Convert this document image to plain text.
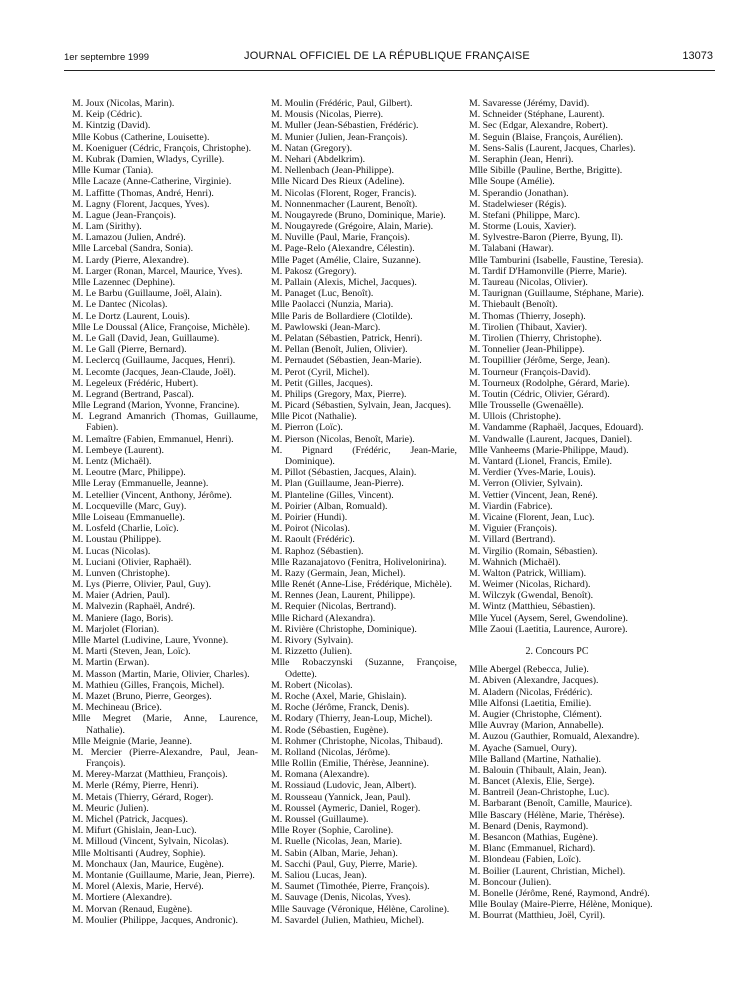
1er septembre 1999	JOURNAL OFFICIEL DE LA RÉPUBLIQUE FRANÇAISE	13073
M. Joux (Nicolas, Marin).
M. Keip (Cédric).
M. Kintzig (David).
Mlle Kobus (Catherine, Louisette).
M. Koeniguer (Cédric, François, Christophe).
M. Kubrak (Damien, Wladys, Cyrille).
Mlle Kumar (Tania).
Mlle Lacaze (Anne-Catherine, Virginie).
M. Laffitte (Thomas, André, Henri).
M. Lagny (Florent, Jacques, Yves).
M. Lague (Jean-François).
M. Lam (Sirithy).
M. Lamazou (Julien, André).
Mlle Larcebal (Sandra, Sonia).
M. Lardy (Pierre, Alexandre).
M. Larger (Ronan, Marcel, Maurice, Yves).
Mlle Lazennec (Dephine).
M. Le Barbu (Guillaume, Joël, Alain).
M. Le Dantec (Nicolas).
M. Le Dortz (Laurent, Louis).
Mlle Le Doussal (Alice, Françoise, Michèle).
M. Le Gall (David, Jean, Guillaume).
M. Le Gall (Pierre, Bernard).
M. Leclercq (Guillaume, Jacques, Henri).
M. Lecomte (Jacques, Jean-Claude, Joël).
M. Legeleux (Frédéric, Hubert).
M. Legrand (Bertrand, Pascal).
Mlle Legrand (Marion, Yvonne, Francine).
M. Legrand Amanrich (Thomas, Guillaume, Fabien).
M. Lemaître (Fabien, Emmanuel, Henri).
M. Lembeye (Laurent).
M. Lentz (Michaël).
M. Leoutre (Marc, Philippe).
Mlle Leray (Emmanuelle, Jeanne).
M. Letellier (Vincent, Anthony, Jérôme).
M. Locqueville (Marc, Guy).
Mlle Loiseau (Emmanuelle).
M. Losfeld (Charlie, Loïc).
M. Loustau (Philippe).
M. Lucas (Nicolas).
M. Luciani (Olivier, Raphaël).
M. Lunven (Christophe).
M. Lys (Pierre, Olivier, Paul, Guy).
M. Maier (Adrien, Paul).
M. Malvezin (Raphaël, André).
M. Maniere (Iago, Boris).
M. Marjolet (Florian).
Mlle Martel (Ludivine, Laure, Yvonne).
M. Marti (Steven, Jean, Loïc).
M. Martin (Erwan).
M. Masson (Martin, Marie, Olivier, Charles).
M. Mathieu (Gilles, François, Michel).
M. Mazet (Bruno, Pierre, Georges).
M. Mechineau (Brice).
Mlle Megret (Marie, Anne, Laurence, Nathalie).
Mlle Meignie (Marie, Jeanne).
M. Mercier (Pierre-Alexandre, Paul, Jean-François).
M. Merey-Marzat (Matthieu, François).
M. Merle (Rémy, Pierre, Henri).
M. Metais (Thierry, Gérard, Roger).
M. Meuric (Julien).
M. Michel (Patrick, Jacques).
M. Mifurt (Ghislain, Jean-Luc).
M. Milloud (Vincent, Sylvain, Nicolas).
Mlle Moltisanti (Audrey, Sophie).
M. Monchaux (Jan, Maurice, Eugène).
M. Montanie (Guillaume, Marie, Jean, Pierre).
M. Morel (Alexis, Marie, Hervé).
M. Mortiere (Alexandre).
M. Morvan (Renaud, Eugène).
M. Moulier (Philippe, Jacques, Andronic).
M. Moulin (Frédéric, Paul, Gilbert).
M. Mousis (Nicolas, Pierre).
M. Muller (Jean-Sébastien, Frédéric).
M. Munier (Julien, Jean-François).
M. Natan (Gregory).
M. Nehari (Abdelkrim).
M. Nellenbach (Jean-Philippe).
Mlle Nicard Des Rieux (Adeline).
M. Nicolas (Florent, Roger, Francis).
M. Nonnenmacher (Laurent, Benoît).
M. Nougayrede (Bruno, Dominique, Marie).
M. Nougayrede (Grégoire, Alain, Marie).
M. Nuville (Paul, Marie, François).
M. Page-Relo (Alexandre, Célestin).
Mlle Paget (Amélie, Claire, Suzanne).
M. Pakosz (Gregory).
M. Pallain (Alexis, Michel, Jacques).
M. Panaget (Luc, Benoît).
Mlle Paolacci (Nunzia, Maria).
Mlle Paris de Bollardiere (Clotilde).
M. Pawlowski (Jean-Marc).
M. Pelatan (Sébastien, Patrick, Henri).
M. Pellan (Benoît, Julien, Olivier).
M. Pernaudet (Sébastien, Jean-Marie).
M. Perot (Cyril, Michel).
M. Petit (Gilles, Jacques).
M. Philips (Gregory, Max, Pierre).
M. Picard (Sébastien, Sylvain, Jean, Jacques).
Mlle Picot (Nathalie).
M. Pierron (Loïc).
M. Pierson (Nicolas, Benoît, Marie).
M. Pignard (Frédéric, Jean-Marie, Dominique).
M. Pillot (Sébastien, Jacques, Alain).
M. Plan (Guillaume, Jean-Pierre).
M. Planteline (Gilles, Vincent).
M. Poirier (Alban, Romuald).
M. Poirier (Hundi).
M. Poirot (Nicolas).
M. Raoult (Frédéric).
M. Raphoz (Sébastien).
Mlle Razanajatovo (Fenitra, Holivelonirina).
M. Razy (Germain, Jean, Michel).
Mlle Renét (Anne-Lise, Frédérique, Michèle).
M. Rennes (Jean, Laurent, Philippe).
M. Requier (Nicolas, Bertrand).
Mlle Richard (Alexandra).
M. Rivière (Christophe, Dominique).
M. Rivory (Sylvain).
M. Rizzetto (Julien).
Mlle Robaczynski (Suzanne, Françoise, Odette).
M. Robert (Nicolas).
M. Roche (Axel, Marie, Ghislain).
M. Roche (Jérôme, Franck, Denis).
M. Rodary (Thierry, Jean-Loup, Michel).
M. Rode (Sébastien, Eugène).
M. Rohmer (Christophe, Nicolas, Thibaud).
M. Rolland (Nicolas, Jérôme).
Mlle Rollin (Emilie, Thérèse, Jeannine).
M. Romana (Alexandre).
M. Rossiaud (Ludovic, Jean, Albert).
M. Rousseau (Yannick, Jean, Paul).
M. Roussel (Aymeric, Daniel, Roger).
M. Roussel (Guillaume).
Mlle Royer (Sophie, Caroline).
M. Ruelle (Nicolas, Jean, Marie).
M. Sabin (Alban, Marie, Jehan).
M. Sacchi (Paul, Guy, Pierre, Marie).
M. Saliou (Lucas, Jean).
M. Saumet (Timothée, Pierre, François).
M. Sauvage (Denis, Nicolas, Yves).
Mlle Sauvage (Véronique, Hélène, Caroline).
M. Savardel (Julien, Mathieu, Michel).
M. Savaresse (Jérémy, David).
M. Schneider (Stéphane, Laurent).
M. Sec (Edgar, Alexandre, Robert).
M. Seguin (Blaise, François, Aurélien).
M. Sens-Salis (Laurent, Jacques, Charles).
M. Seraphin (Jean, Henri).
Mlle Sibille (Pauline, Berthe, Brigitte).
Mlle Soupe (Amélie).
M. Sperandio (Jonathan).
M. Stadelwieser (Régis).
M. Stefani (Philippe, Marc).
M. Storme (Louis, Xavier).
M. Sylvestre-Baron (Pierre, Byung, Il).
M. Talabani (Hawar).
Mlle Tamburini (Isabelle, Faustine, Teresia).
M. Tardif D'Hamonville (Pierre, Marie).
M. Taureau (Nicolas, Olivier).
M. Taurignan (Guillaume, Stéphane, Marie).
M. Thiebault (Benoît).
M. Thomas (Thierry, Joseph).
M. Tirolien (Thibaut, Xavier).
M. Tirolien (Thierry, Christophe).
M. Tonnelier (Jean-Philippe).
M. Toupillier (Jérôme, Serge, Jean).
M. Tourneur (François-David).
M. Tourneux (Rodolphe, Gérard, Marie).
M. Toutin (Cédric, Olivier, Gérard).
Mlle Trousselle (Gwenaëlle).
M. Ullois (Christophe).
M. Vandamme (Raphaël, Jacques, Edouard).
M. Vandwalle (Laurent, Jacques, Daniel).
Mlle Vanheems (Marie-Philippe, Maud).
M. Vantard (Lionel, Francis, Emile).
M. Verdier (Yves-Marie, Louis).
M. Verron (Olivier, Sylvain).
M. Vettier (Vincent, Jean, René).
M. Viardin (Fabrice).
M. Vicaine (Florent, Jean, Luc).
M. Viguier (François).
M. Villard (Bertrand).
M. Virgilio (Romain, Sébastien).
M. Wahnich (Michaël).
M. Walton (Patrick, William).
M. Weimer (Nicolas, Richard).
M. Wilczyk (Gwendal, Benoît).
M. Wintz (Matthieu, Sébastien).
Mlle Yucel (Aysem, Serel, Gwendoline).
Mlle Zaoui (Laetitia, Laurence, Aurore).
2. Concours PC
Mlle Abergel (Rebecca, Julie).
M. Abiven (Alexandre, Jacques).
M. Aladern (Nicolas, Frédéric).
Mlle Alfonsi (Laetitia, Emilie).
M. Augier (Christophe, Clément).
Mlle Auvray (Marion, Annabelle).
M. Auzou (Gauthier, Romuald, Alexandre).
M. Ayache (Samuel, Oury).
Mlle Balland (Martine, Nathalie).
M. Balouin (Thibault, Alain, Jean).
M. Bancet (Alexis, Elie, Serge).
M. Bantreil (Jean-Christophe, Luc).
M. Barbarant (Benoît, Camille, Maurice).
Mlle Bascary (Hélène, Marie, Thérèse).
M. Benard (Denis, Raymond).
M. Besancon (Mathias, Eugène).
M. Blanc (Emmanuel, Richard).
M. Blondeau (Fabien, Loïc).
M. Boilier (Laurent, Christian, Michel).
M. Boncour (Julien).
M. Bonelle (Jérôme, René, Raymond, André).
Mlle Boulay (Maire-Pierre, Hélène, Monique).
M. Bourrat (Matthieu, Joël, Cyril).
